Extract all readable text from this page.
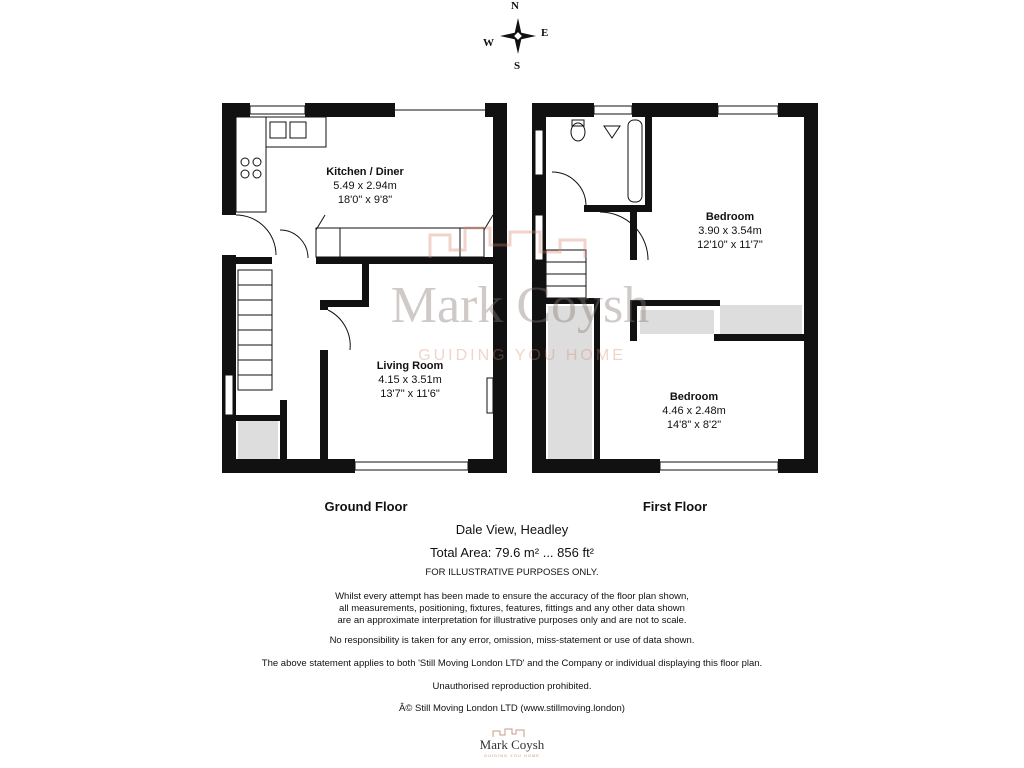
Mark Coysh
GUIDING YOU HOME
N
E
S
W
Kitchen / Diner
5.49 x 2.94m
18'0" x 9'8"
Living Room
4.15 x 3.51m
13'7" x 11'6"
Bedroom
3.90 x 3.54m
12'10" x 11'7"
Bedroom
4.46 x 2.48m
14'8" x 8'2"
Ground Floor	First Floor
Dale View, Headley
Total Area: 79.6 m² ... 856 ft²
FOR ILLUSTRATIVE PURPOSES ONLY.
Whilst every attempt has been made to ensure the accuracy of the floor plan shown,
all measurements, positioning, fixtures, features, fittings and any other data shown
are an approximate interpretation for illustrative purposes only and are not to scale.
No responsibility is taken for any error, omission, miss-statement or use of data shown.
The above statement applies to both 'Still Moving London LTD' and the Company or individual displaying this floor plan.
Unauthorised reproduction prohibited.
Â© Still Moving London LTD (www.stillmoving.london)
Mark Coysh
GUIDING YOU HOME
